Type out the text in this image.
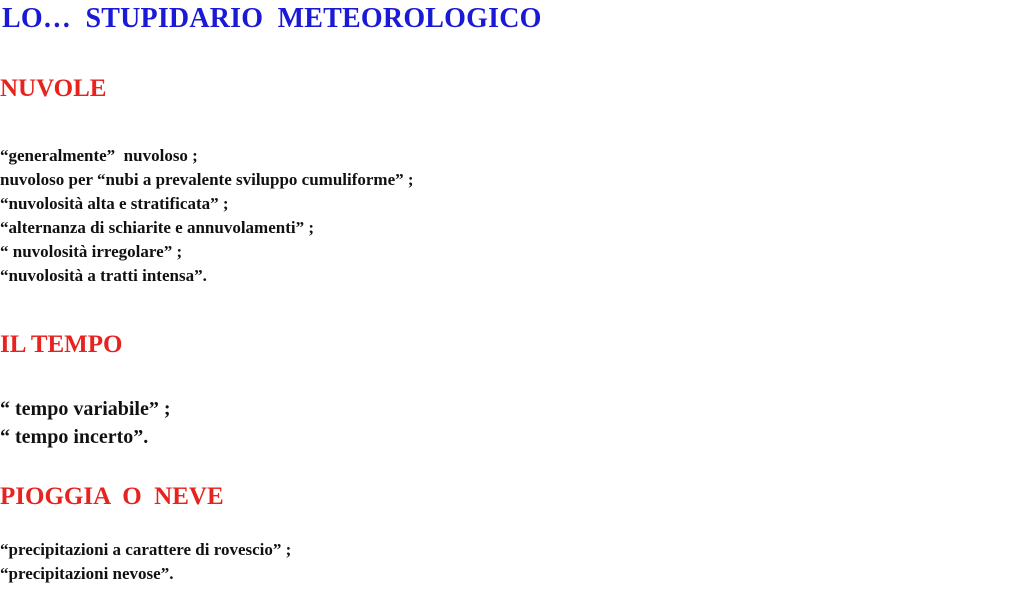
LO…  STUPIDARIO  METEOROLOGICO
NUVOLE
“generalmente”  nuvoloso ;
nuvoloso per “nubi a prevalente sviluppo cumuliforme” ;
“nuvolosità alta e stratificata” ;
“alternanza di schiarite e annuvolamenti” ;
“ nuvolosità irregolare” ;
“nuvolosità a tratti intensa”.
IL TEMPO
“ tempo variabile” ;
“ tempo incerto”.
PIOGGIA  O  NEVE
“precipitazioni a carattere di rovescio” ;
“precipitazioni nevose”.
